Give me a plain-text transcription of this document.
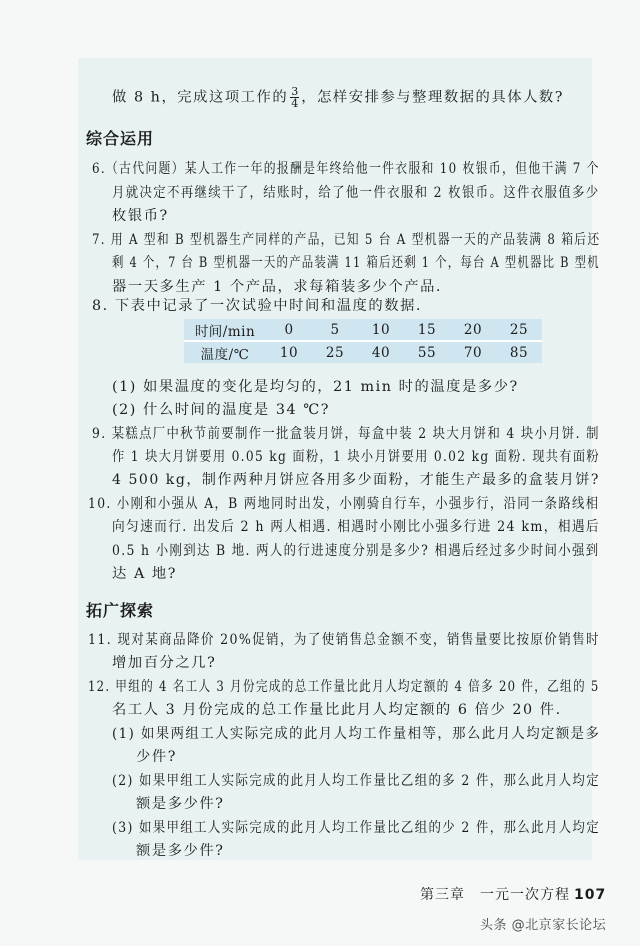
做 8 h，完成这项工作的 $\frac{3}{4}$ ，怎样安排参与整理数据的具体人数?
综合运用
6.（古代问题）某人工作一年的报酬是年终给他一件衣服和 10 枚银币，但他干满 7 个
月就决定不再继续干了，结账时，给了他一件衣服和 2 枚银币。这件衣服值多少
枚银币?
7. 用 A 型和 B 型机器生产同样的产品，已知 5 台 A 型机器一天的产品装满 8 箱后还
剩 4 个，7 台 B 型机器一天的产品装满 11 箱后还剩 1 个，每台 A 型机器比 B 型机
器一天多生产 1 个产品，求每箱装多少个产品.
8. 下表中记录了一次试验中时间和温度的数据.
时间/min	0	5	10	15	20	25
温度/℃	10	25	40	55	70	85
(1) 如果温度的变化是均匀的，21 min 时的温度是多少?
(2) 什么时间的温度是 34 ℃?
9. 某糕点厂中秋节前要制作一批盒装月饼，每盒中装 2 块大月饼和 4 块小月饼. 制
作 1 块大月饼要用 0.05 kg 面粉，1 块小月饼要用 0.02 kg 面粉. 现共有面粉
4 500 kg，制作两种月饼应各用多少面粉，才能生产最多的盒装月饼?
10. 小刚和小强从 A，B 两地同时出发，小刚骑自行车，小强步行，沿同一条路线相
向匀速而行. 出发后 2 h 两人相遇. 相遇时小刚比小强多行进 24 km，相遇后
0.5 h 小刚到达 B 地. 两人的行进速度分别是多少? 相遇后经过多少时间小强到
达 A 地?
拓广探索
11. 现对某商品降价 20%促销，为了使销售总金额不变，销售量要比按原价销售时
增加百分之几?
12. 甲组的 4 名工人 3 月份完成的总工作量比此月人均定额的 4 倍多 20 件，乙组的 5
名工人 3 月份完成的总工作量比此月人均定额的 6 倍少 20 件.
(1) 如果两组工人实际完成的此月人均工作量相等，那么此月人均定额是多
少件?
(2) 如果甲组工人实际完成的此月人均工作量比乙组的多 2 件，那么此月人均定
额是多少件?
(3) 如果甲组工人实际完成的此月人均工作量比乙组的少 2 件，那么此月人均定
额是多少件?
第三章　一元一次方程 107
头条 @北京家长论坛
